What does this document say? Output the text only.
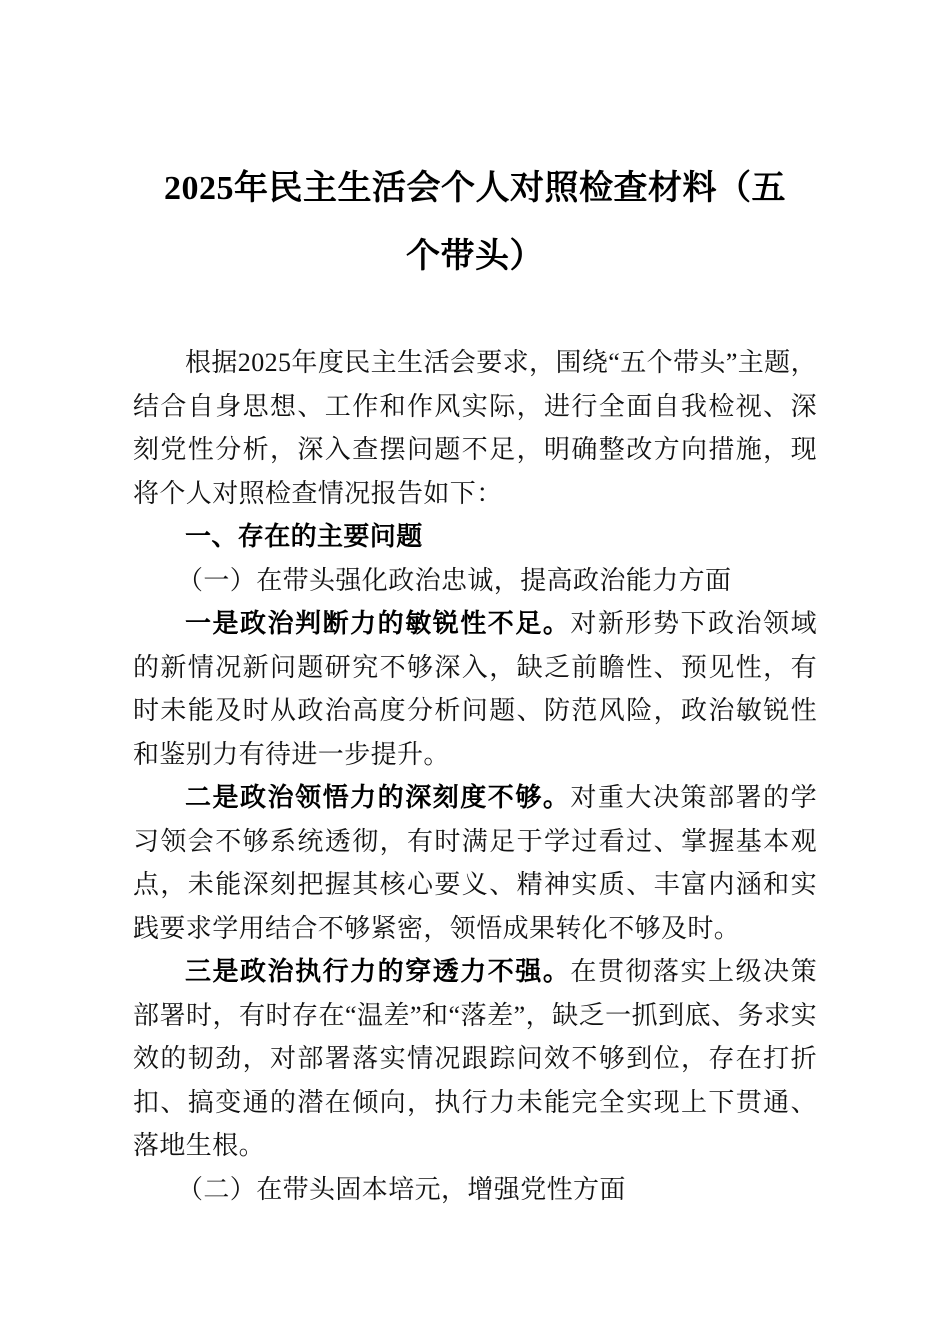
2025年民主生活会个人对照检查材料（五
个带头）

根据2025年度民主生活会要求，围绕“五个带头”主题，结合自身思想、工作和作风实际，进行全面自我检视、深刻党性分析，深入查摆问题不足，明确整改方向措施，现将个人对照检查情况报告如下：

一、存在的主要问题

（一）在带头强化政治忠诚，提高政治能力方面

一是政治判断力的敏锐性不足。对新形势下政治领域的新情况新问题研究不够深入，缺乏前瞻性、预见性，有时未能及时从政治高度分析问题、防范风险，政治敏锐性和鉴别力有待进一步提升。

二是政治领悟力的深刻度不够。对重大决策部署的学习领会不够系统透彻，有时满足于学过看过、掌握基本观点，未能深刻把握其核心要义、精神实质、丰富内涵和实践要求学用结合不够紧密，领悟成果转化不够及时。

三是政治执行力的穿透力不强。在贯彻落实上级决策部署时，有时存在“温差”和“落差”，缺乏一抓到底、务求实效的韧劲，对部署落实情况跟踪问效不够到位，存在打折扣、搞变通的潜在倾向，执行力未能完全实现上下贯通、落地生根。

（二）在带头固本培元，增强党性方面
